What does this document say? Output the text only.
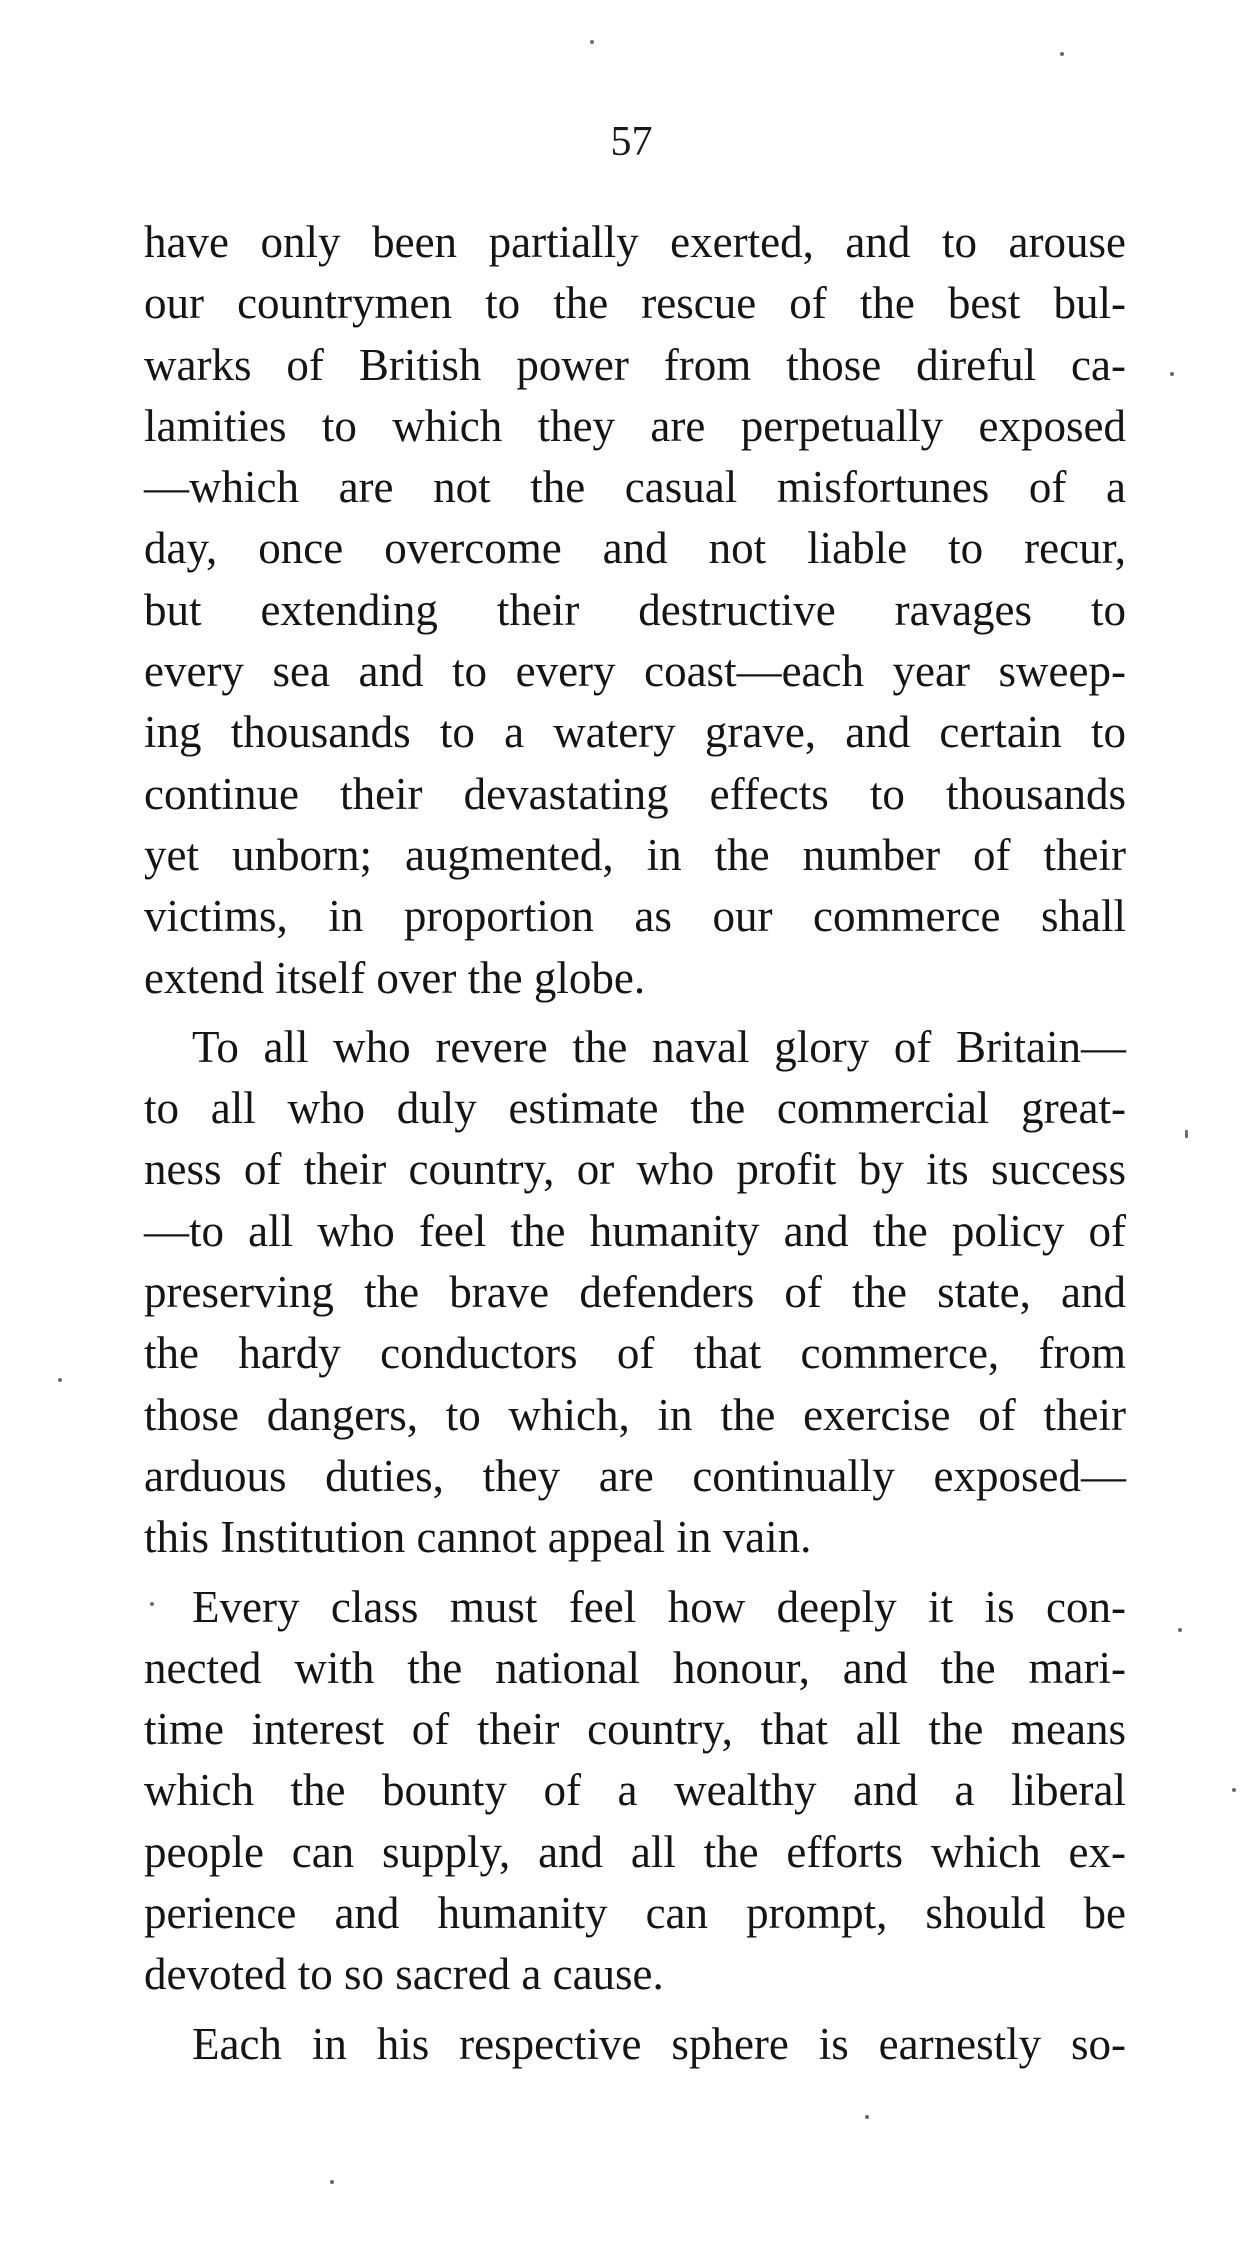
57
have only been partially exerted, and to arouse
our countrymen to the rescue of the best bul-
warks of British power from those direful ca-
lamities to which they are perpetually exposed
—which are not the casual misfortunes of a
day, once overcome and not liable to recur,
but extending their destructive ravages to
every sea and to every coast—each year sweep-
ing thousands to a watery grave, and certain to
continue their devastating effects to thousands
yet unborn; augmented, in the number of their
victims, in proportion as our commerce shall
extend itself over the globe.
To all who revere the naval glory of Britain—
to all who duly estimate the commercial great-
ness of their country, or who profit by its success
—to all who feel the humanity and the policy of
preserving the brave defenders of the state, and
the hardy conductors of that commerce, from
those dangers, to which, in the exercise of their
arduous duties, they are continually exposed—
this Institution cannot appeal in vain.
Every class must feel how deeply it is con-
nected with the national honour, and the mari-
time interest of their country, that all the means
which the bounty of a wealthy and a liberal
people can supply, and all the efforts which ex-
perience and humanity can prompt, should be
devoted to so sacred a cause.
Each in his respective sphere is earnestly so-
